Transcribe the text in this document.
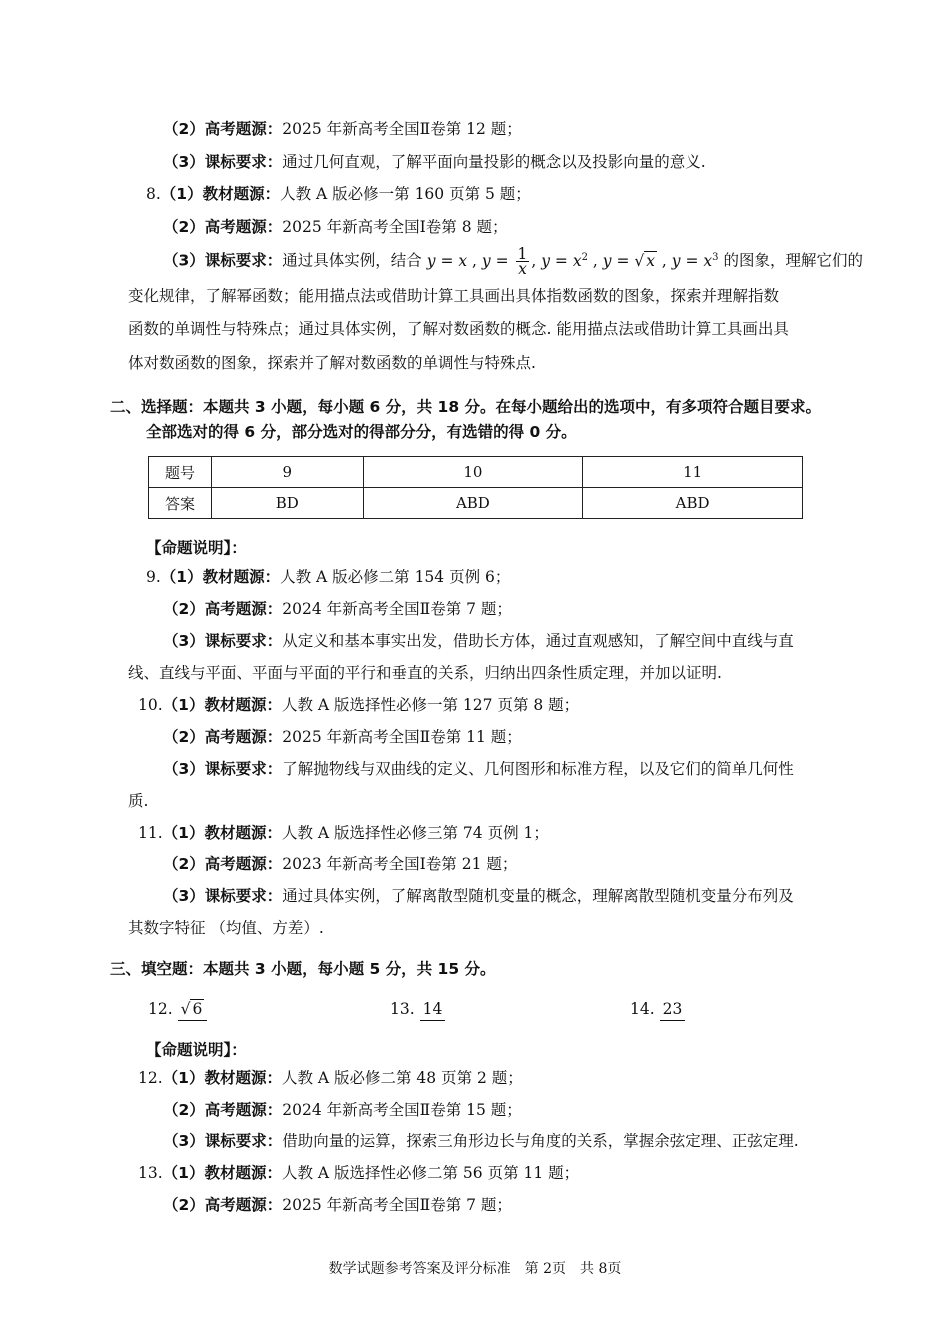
（2）高考题源：2025 年新高考全国Ⅱ卷第 12 题；
（3）课标要求：通过几何直观，了解平面向量投影的概念以及投影向量的意义.
8.（1）教材题源：人教 A 版必修一第 160 页第 5 题；
（2）高考题源：2025 年新高考全国Ⅰ卷第 8 题；
（3）课标要求：通过具体实例，结合 y = x , $y = \frac{1}{x}$ , $y = x^2$ , y = √ x , $y = x^3$ 的图象，理解它们的
变化规律，了解幂函数；能用描点法或借助计算工具画出具体指数函数的图象，探索并理解指数
函数的单调性与特殊点；通过具体实例，了解对数函数的概念. 能用描点法或借助计算工具画出具
体对数函数的图象，探索并了解对数函数的单调性与特殊点.
二、选择题：本题共 3 小题，每小题 6 分，共 18 分。在每小题给出的选项中，有多项符合题目要求。
全部选对的得 6 分，部分选对的得部分分，有选错的得 0 分。
题号	9	10	11
答案	BD	ABD	ABD
【命题说明】：
9.（1）教材题源：人教 A 版必修二第 154 页例 6；
（2）高考题源：2024 年新高考全国Ⅱ卷第 7 题；
（3）课标要求：从定义和基本事实出发，借助长方体，通过直观感知，了解空间中直线与直
线、直线与平面、平面与平面的平行和垂直的关系，归纳出四条性质定理，并加以证明.
10.（1）教材题源：人教 A 版选择性必修一第 127 页第 8 题；
（2）高考题源：2025 年新高考全国Ⅱ卷第 11 题；
（3）课标要求：了解抛物线与双曲线的定义、几何图形和标准方程，以及它们的简单几何性
质.
11.（1）教材题源：人教 A 版选择性必修三第 74 页例 1；
（2）高考题源：2023 年新高考全国Ⅰ卷第 21 题；
（3）课标要求：通过具体实例，了解离散型随机变量的概念，理解离散型随机变量分布列及
其数字特征 （均值、方差）.
三、填空题：本题共 3 小题，每小题 5 分，共 15 分。
12. √ 6	13. 14	14. 23
【命题说明】：
12.（1）教材题源：人教 A 版必修二第 48 页第 2 题；
（2）高考题源：2024 年新高考全国Ⅱ卷第 15 题；
（3）课标要求：借助向量的运算，探索三角形边长与角度的关系，掌握余弦定理、正弦定理.
13.（1）教材题源：人教 A 版选择性必修二第 56 页第 11 题；
（2）高考题源：2025 年新高考全国Ⅱ卷第 7 题；
数学试题参考答案及评分标准　第 2页　共 8页
